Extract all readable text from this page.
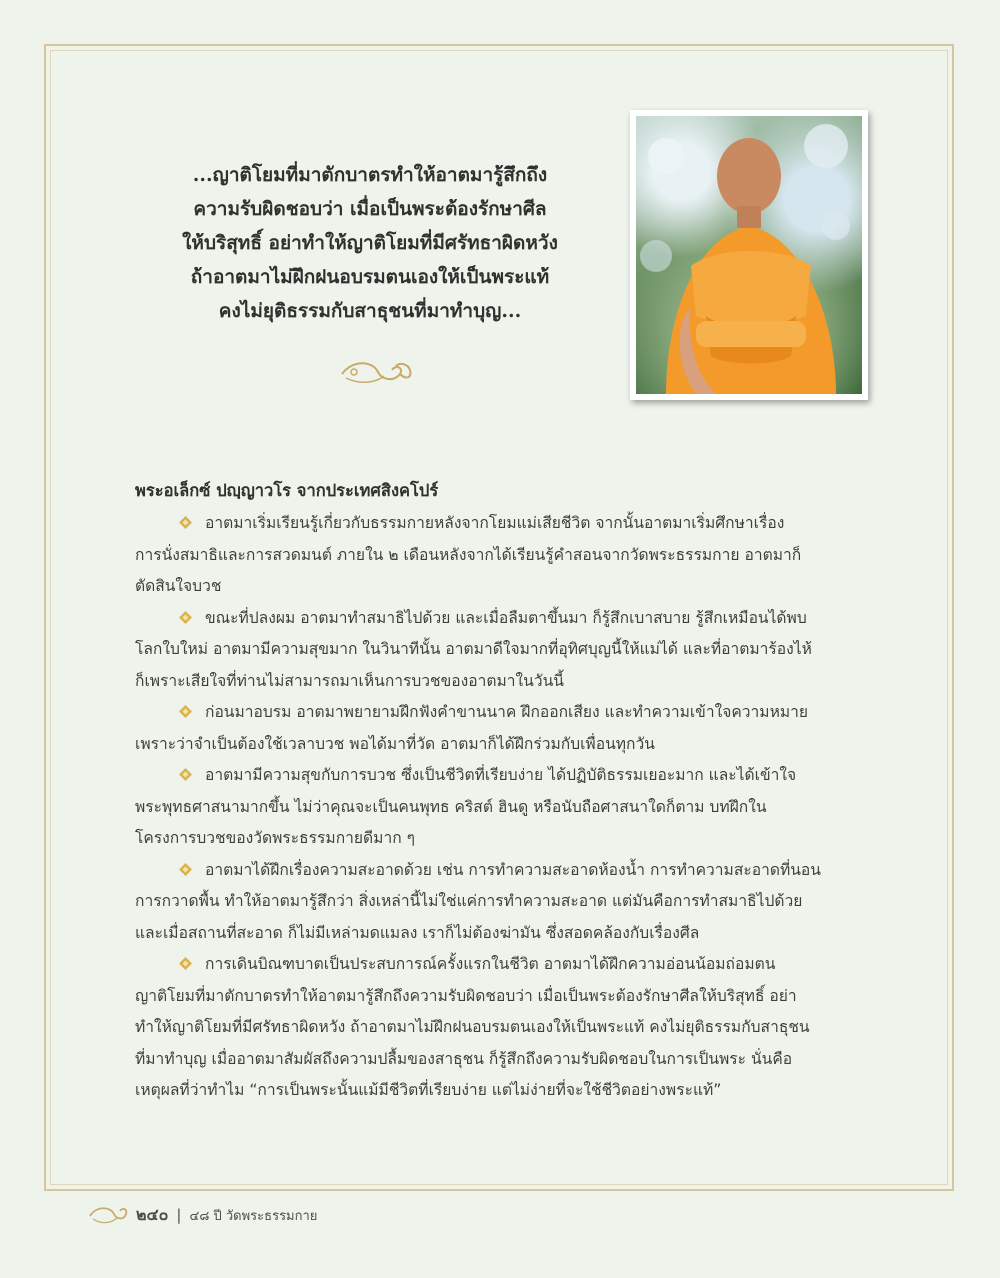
...ญาติโยมที่มาตักบาตรทำให้อาตมารู้สึกถึง
ความรับผิดชอบว่า เมื่อเป็นพระต้องรักษาศีล
ให้บริสุทธิ์ อย่าทำให้ญาติโยมที่มีศรัทธาผิดหวัง
ถ้าอาตมาไม่ฝึกฝนอบรมตนเองให้เป็นพระแท้
คงไม่ยุติธรรมกับสาธุชนที่มาทำบุญ...
พระอเล็กซ์ ปญฺญาวโร จากประเทศสิงคโปร์
อาตมาเริ่มเรียนรู้เกี่ยวกับธรรมกายหลังจากโยมแม่เสียชีวิต จากนั้นอาตมาเริ่มศึกษาเรื่อง
การนั่งสมาธิและการสวดมนต์ ภายใน ๒ เดือนหลังจากได้เรียนรู้คำสอนจากวัดพระธรรมกาย อาตมาก็
ตัดสินใจบวช
ขณะที่ปลงผม อาตมาทำสมาธิไปด้วย และเมื่อลืมตาขึ้นมา ก็รู้สึกเบาสบาย รู้สึกเหมือนได้พบ
โลกใบใหม่ อาตมามีความสุขมาก ในวินาทีนั้น อาตมาดีใจมากที่อุทิศบุญนี้ให้แม่ได้ และที่อาตมาร้องไห้
ก็เพราะเสียใจที่ท่านไม่สามารถมาเห็นการบวชของอาตมาในวันนี้
ก่อนมาอบรม อาตมาพยายามฝึกฟังคำขานนาค ฝึกออกเสียง และทำความเข้าใจความหมาย
เพราะว่าจำเป็นต้องใช้เวลาบวช พอได้มาที่วัด อาตมาก็ได้ฝึกร่วมกับเพื่อนทุกวัน
อาตมามีความสุขกับการบวช ซึ่งเป็นชีวิตที่เรียบง่าย ได้ปฏิบัติธรรมเยอะมาก และได้เข้าใจ
พระพุทธศาสนามากขึ้น ไม่ว่าคุณจะเป็นคนพุทธ คริสต์ ฮินดู หรือนับถือศาสนาใดก็ตาม บทฝึกใน
โครงการบวชของวัดพระธรรมกายดีมาก ๆ
อาตมาได้ฝึกเรื่องความสะอาดด้วย เช่น การทำความสะอาดห้องน้ำ การทำความสะอาดที่นอน
การกวาดพื้น ทำให้อาตมารู้สึกว่า สิ่งเหล่านี้ไม่ใช่แค่การทำความสะอาด แต่มันคือการทำสมาธิไปด้วย
และเมื่อสถานที่สะอาด ก็ไม่มีเหล่ามดแมลง เราก็ไม่ต้องฆ่ามัน ซึ่งสอดคล้องกับเรื่องศีล
การเดินบิณฑบาตเป็นประสบการณ์ครั้งแรกในชีวิต อาตมาได้ฝึกความอ่อนน้อมถ่อมตน
ญาติโยมที่มาตักบาตรทำให้อาตมารู้สึกถึงความรับผิดชอบว่า เมื่อเป็นพระต้องรักษาศีลให้บริสุทธิ์ อย่า
ทำให้ญาติโยมที่มีศรัทธาผิดหวัง ถ้าอาตมาไม่ฝึกฝนอบรมตนเองให้เป็นพระแท้ คงไม่ยุติธรรมกับสาธุชน
ที่มาทำบุญ เมื่ออาตมาสัมผัสถึงความปลื้มของสาธุชน ก็รู้สึกถึงความรับผิดชอบในการเป็นพระ นั่นคือ
เหตุผลที่ว่าทำไม “การเป็นพระนั้นแม้มีชีวิตที่เรียบง่าย แต่ไม่ง่ายที่จะใช้ชีวิตอย่างพระแท้”
๒๔๐ | ๔๘ ปี วัดพระธรรมกาย
